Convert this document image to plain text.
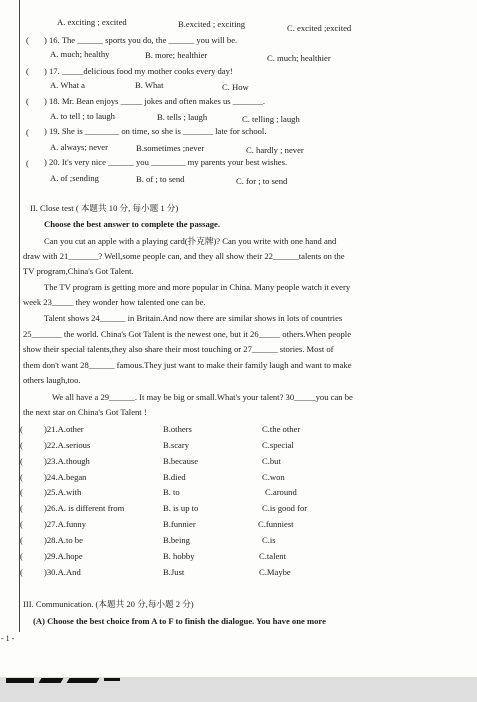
A. exciting ; excited	B.excited ; exciting	C. excited ;excited
( ) 16. The ______ sports you do, the ______ you will be.
A. much; healthy	B. more; healthier	C. much; healthier
( ) 17. _____delicious food my mother cooks every day!
A. What a	B. What	C. How
( ) 18. Mr. Bean enjoys _____ jokes and often makes us _______.
A. to tell ; to laugh	B. tells ; laugh	C. telling ; laugh
( ) 19. She is ________ on time, so she is _______ late for school.
A. always; never	B.sometimes ;never	C. hardly ; never
( ) 20. It's very nice ______ you ________ my parents your best wishes.
A. of ;sending	B. of ; to send	C. for ; to send
II. Close test ( 本题共 10 分, 每小题 1 分)
Choose the best answer to complete the passage.
Can you cut an apple with a playing card(扑克牌)? Can you write with one hand and
draw with 21_______? Well,some people can, and they all show their 22______talents on the
TV program,China's Got Talent.
The TV program is getting more and more popular in China. Many people watch it every
week 23_____ they wonder how talented one can be.
Talent shows 24______ in Britain.And now there are similar shows in lots of countries
25_______ the world. China's Got Talent is the newest one, but it 26_____ others.When people
show their special talents,they also share their most touching or 27______ stories. Most of
them don't want 28______ famous.They just want to make their family laugh and want to make
others laugh,too.
We all have a 29______. It may be big or small.What's your talent? 30_____you can be
the next star on China's Got Talent !
( )21.A.other	B.others	C.the other
( )22.A.serious	B.scary	C.special
( )23.A.though	B.because	C.but
( )24.A.began	B.died	C.won
( )25.A.with	B. to	C.around
( )26.A. is different from	B. is up to	C.is good for
( )27.A.funny	B.funnier	C.funniest
( )28.A.to be	B.being	C.is
( )29.A.hope	B. hobby	C.talent
( )30.A.And	B.Just	C.Maybe
III. Communication. (本题共 20 分,每小题 2 分)
(A) Choose the best choice from A to F to finish the dialogue. You have one more
- 1 -
